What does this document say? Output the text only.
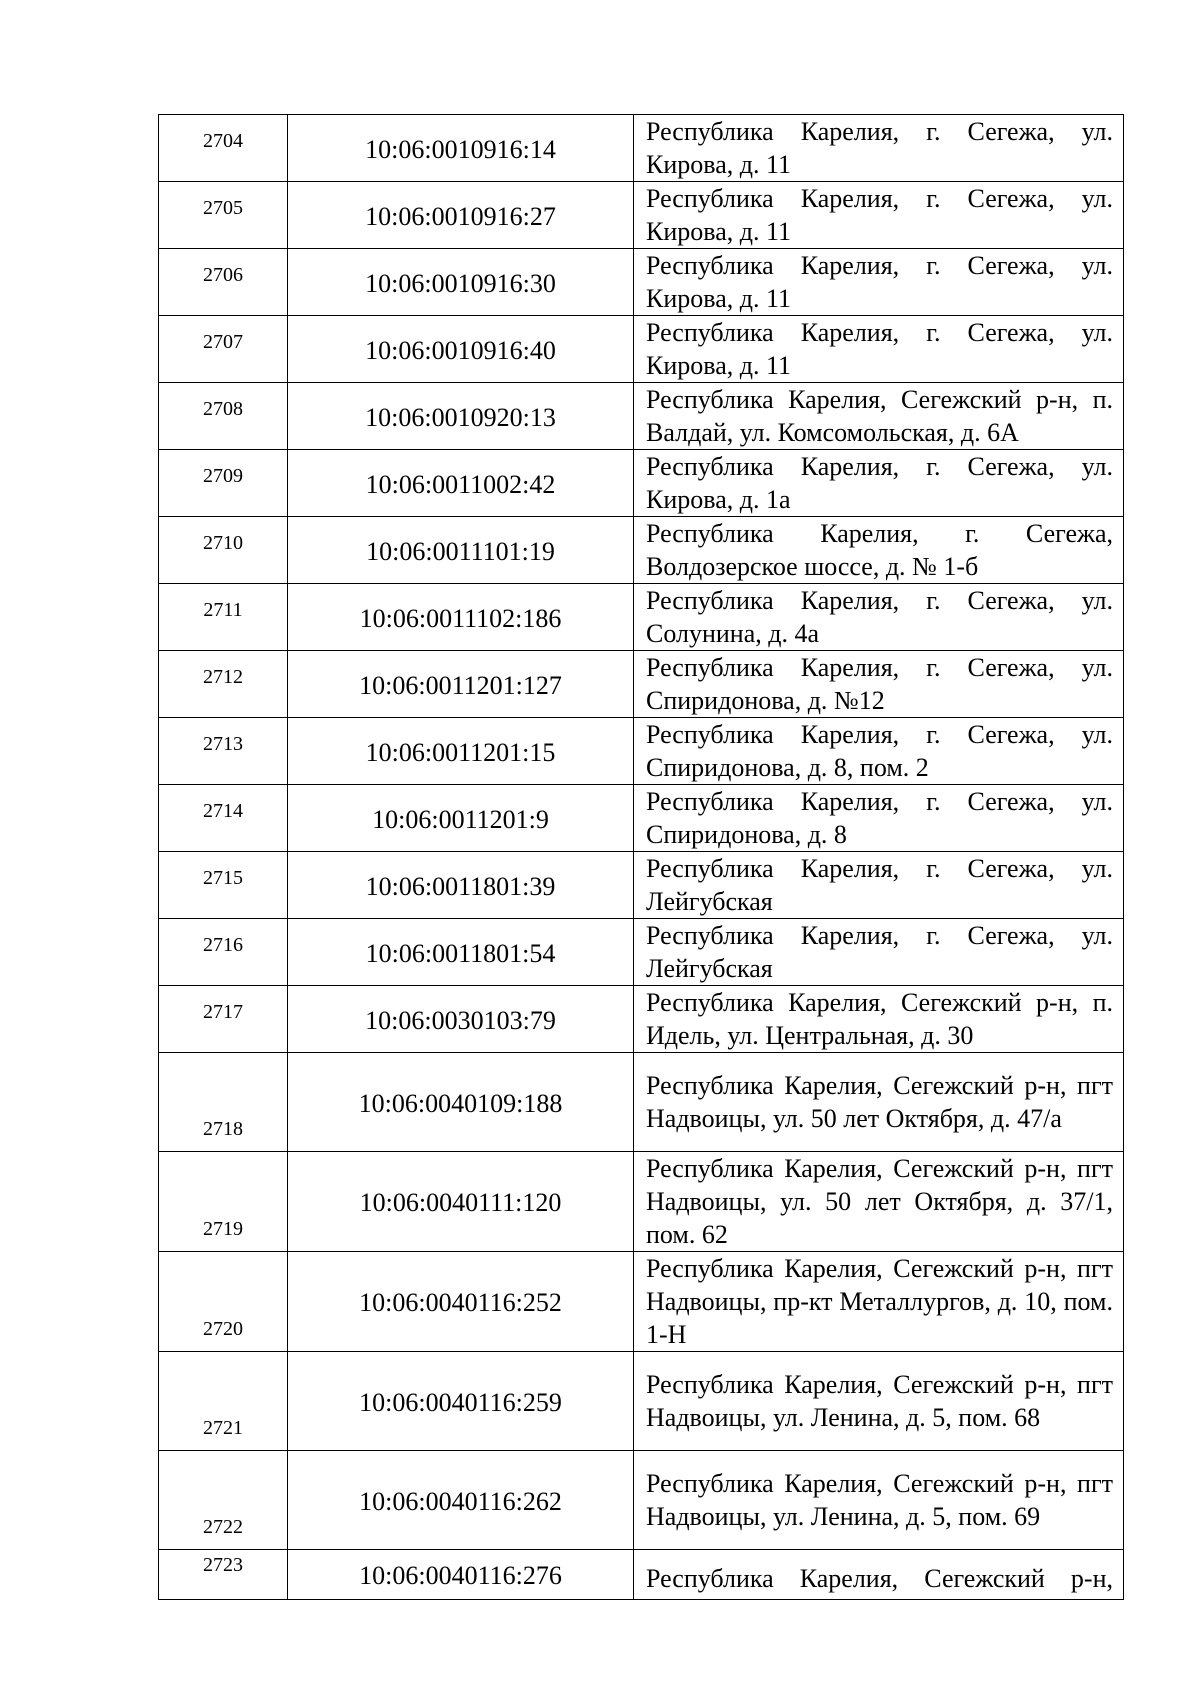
2704	10:06:0010916:14	Республика Карелия, г. Сегежа, ул. Кирова, д. 11
2705	10:06:0010916:27	Республика Карелия, г. Сегежа, ул. Кирова, д. 11
2706	10:06:0010916:30	Республика Карелия, г. Сегежа, ул. Кирова, д. 11
2707	10:06:0010916:40	Республика Карелия, г. Сегежа, ул. Кирова, д. 11
2708	10:06:0010920:13	Республика Карелия, Сегежский р-н, п. Валдай, ул. Комсомольская, д. 6А
2709	10:06:0011002:42	Республика Карелия, г. Сегежа, ул. Кирова, д. 1а
2710	10:06:0011101:19	Республика Карелия, г. Сегежа, Волдозерское шоссе, д. № 1-б
2711	10:06:0011102:186	Республика Карелия, г. Сегежа, ул. Солунина, д. 4а
2712	10:06:0011201:127	Республика Карелия, г. Сегежа, ул. Спиридонова, д. №12
2713	10:06:0011201:15	Республика Карелия, г. Сегежа, ул. Спиридонова, д. 8, пом. 2
2714	10:06:0011201:9	Республика Карелия, г. Сегежа, ул. Спиридонова, д. 8
2715	10:06:0011801:39	Республика Карелия, г. Сегежа, ул. Лейгубская
2716	10:06:0011801:54	Республика Карелия, г. Сегежа, ул. Лейгубская
2717	10:06:0030103:79	Республика Карелия, Сегежский р-н, п. Идель, ул. Центральная, д. 30
2718	10:06:0040109:188	Республика Карелия, Сегежский р-н, пгт Надвоицы, ул. 50 лет Октября, д. 47/а
2719	10:06:0040111:120	Республика Карелия, Сегежский р-н, пгт Надвоицы, ул. 50 лет Октября, д. 37/1, пом. 62
2720	10:06:0040116:252	Республика Карелия, Сегежский р-н, пгт Надвоицы, пр-кт Металлургов, д. 10, пом. 1-Н
2721	10:06:0040116:259	Республика Карелия, Сегежский р-н, пгт Надвоицы, ул. Ленина, д. 5, пом. 68
2722	10:06:0040116:262	Республика Карелия, Сегежский р-н, пгт Надвоицы, ул. Ленина, д. 5, пом. 69
2723	10:06:0040116:276	Республика Карелия, Сегежский р-н,
